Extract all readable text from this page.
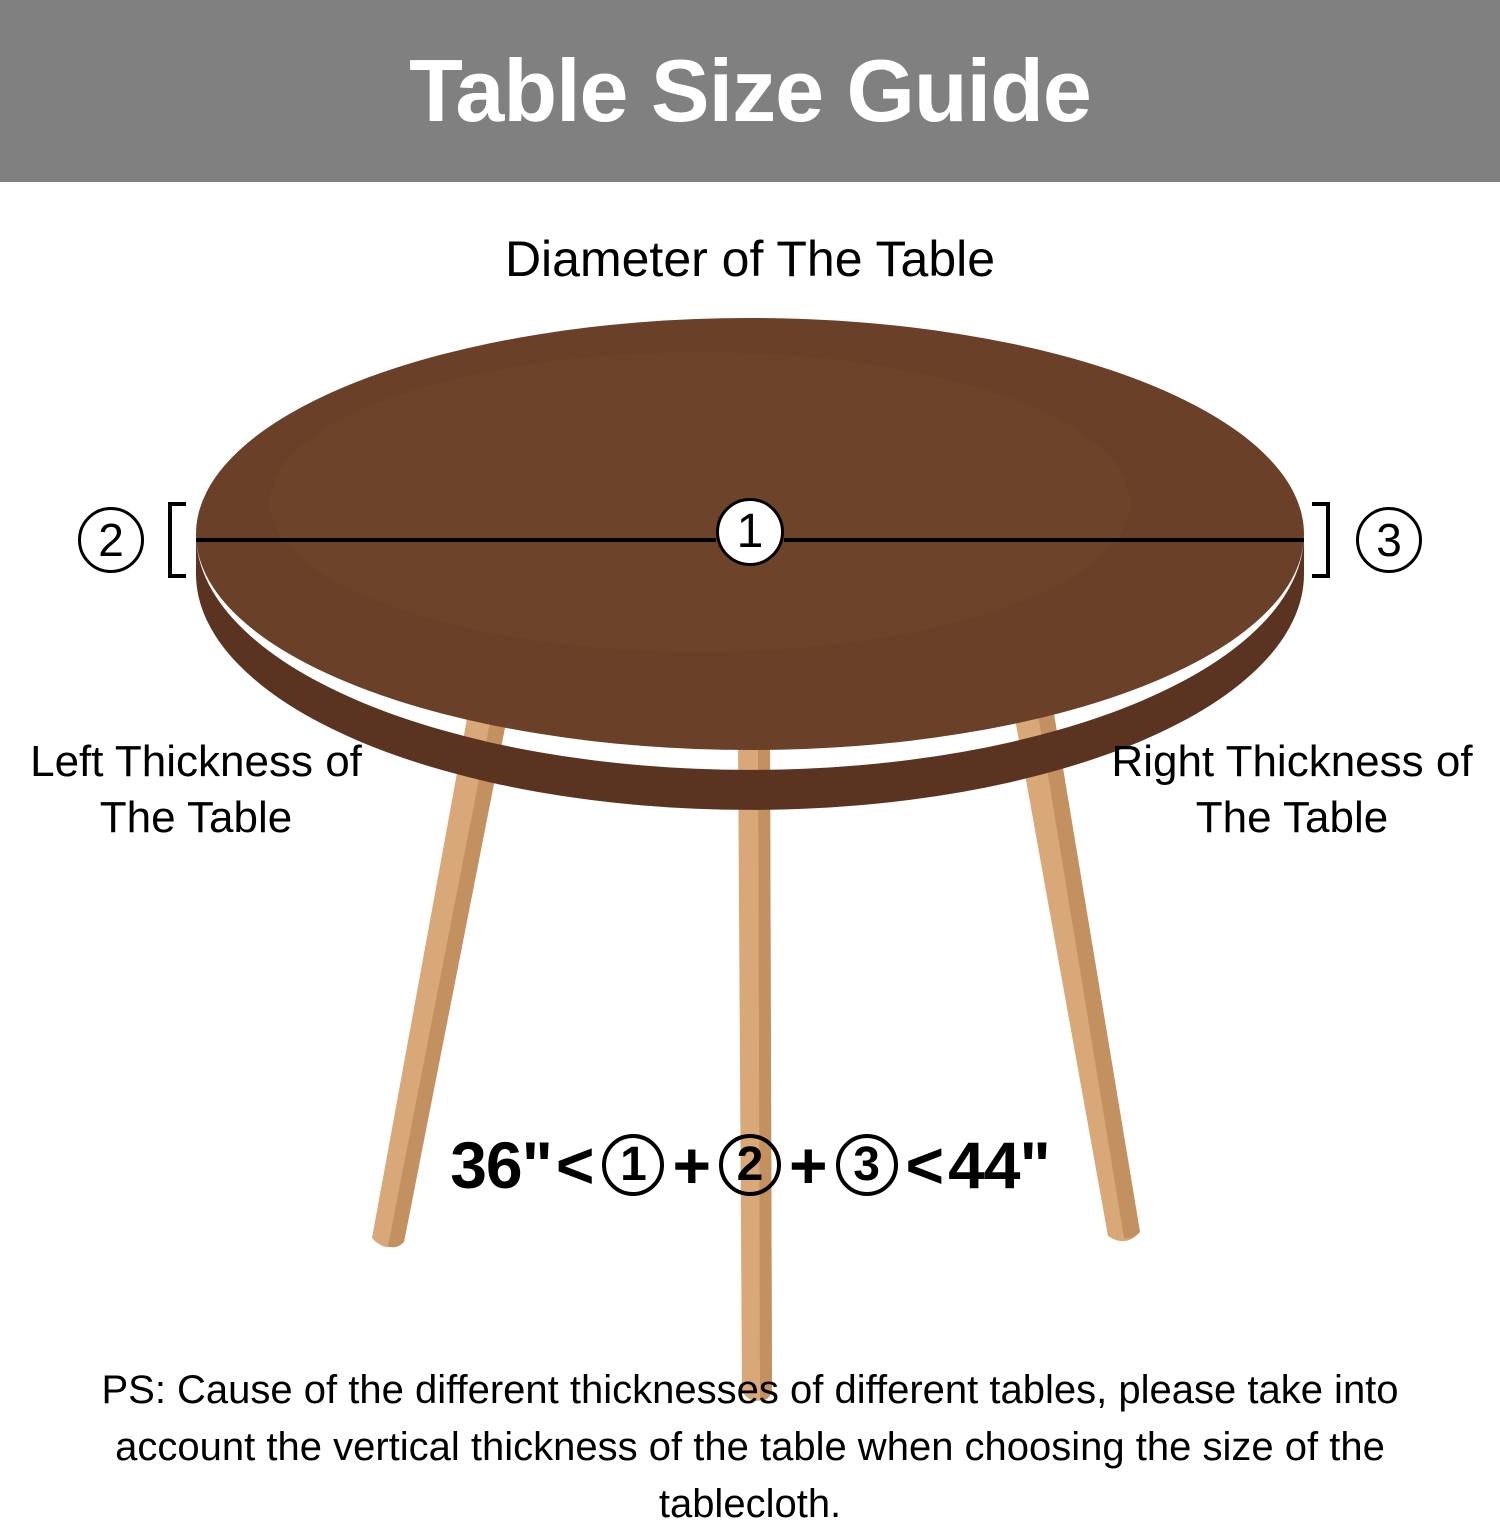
Table Size Guide
Diameter of The Table
1
2	3
Left Thickness of The Table
Right Thickness of The Table
36" < 1 + 2 + 3 < 44"
PS: Cause of the different thicknesses of different tables, please take into account the vertical thickness of the table when choosing the size of the tablecloth.
